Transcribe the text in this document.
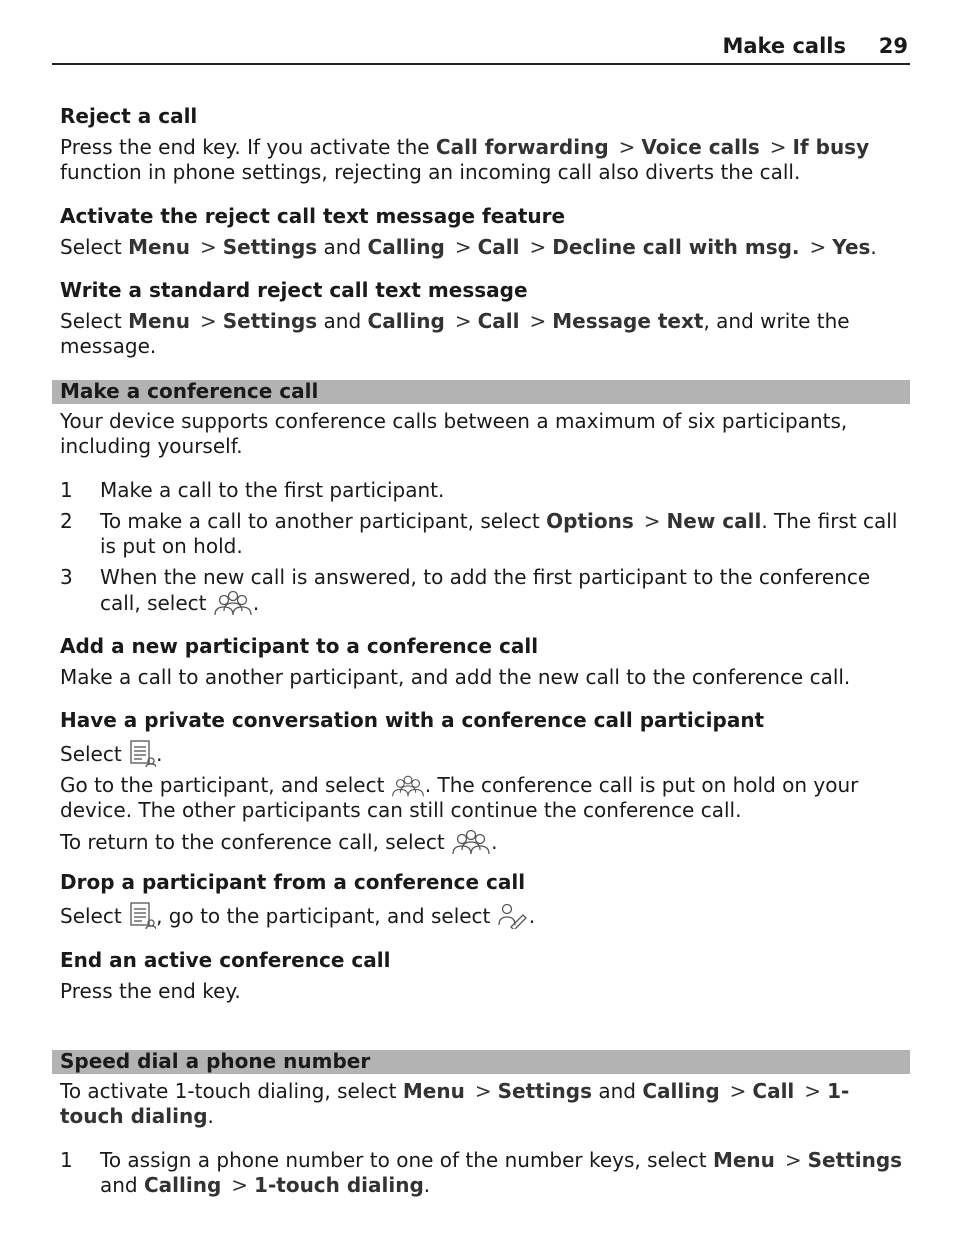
Make calls 29
Reject a call

Press the end key. If you activate the Call forwarding > Voice calls > If busy function in phone settings, rejecting an incoming call also diverts the call.

Activate the reject call text message feature

Select Menu > Settings and Calling > Call > Decline call with msg. > Yes.

Write a standard reject call text message

Select Menu > Settings and Calling > Call > Message text, and write the message.

Make a conference call

Your device supports conference calls between a maximum of six participants, including yourself.

1 Make a call to the first participant.
2 To make a call to another participant, select Options > New call. The first call is put on hold.
3 When the new call is answered, to add the first participant to the conference call, select .
Add a new participant to a conference call

Make a call to another participant, and add the new call to the conference call.

Have a private conversation with a conference call participant

Select .

Go to the participant, and select . The conference call is put on hold on your device. The other participants can still continue the conference call.

To return to the conference call, select .

Drop a participant from a conference call

Select , go to the participant, and select .

End an active conference call

Press the end key.

Speed dial a phone number

To activate 1-touch dialing, select Menu > Settings and Calling > Call > 1-touch dialing.

1 To assign a phone number to one of the number keys, select Menu > Settings and Calling > 1-touch dialing.
